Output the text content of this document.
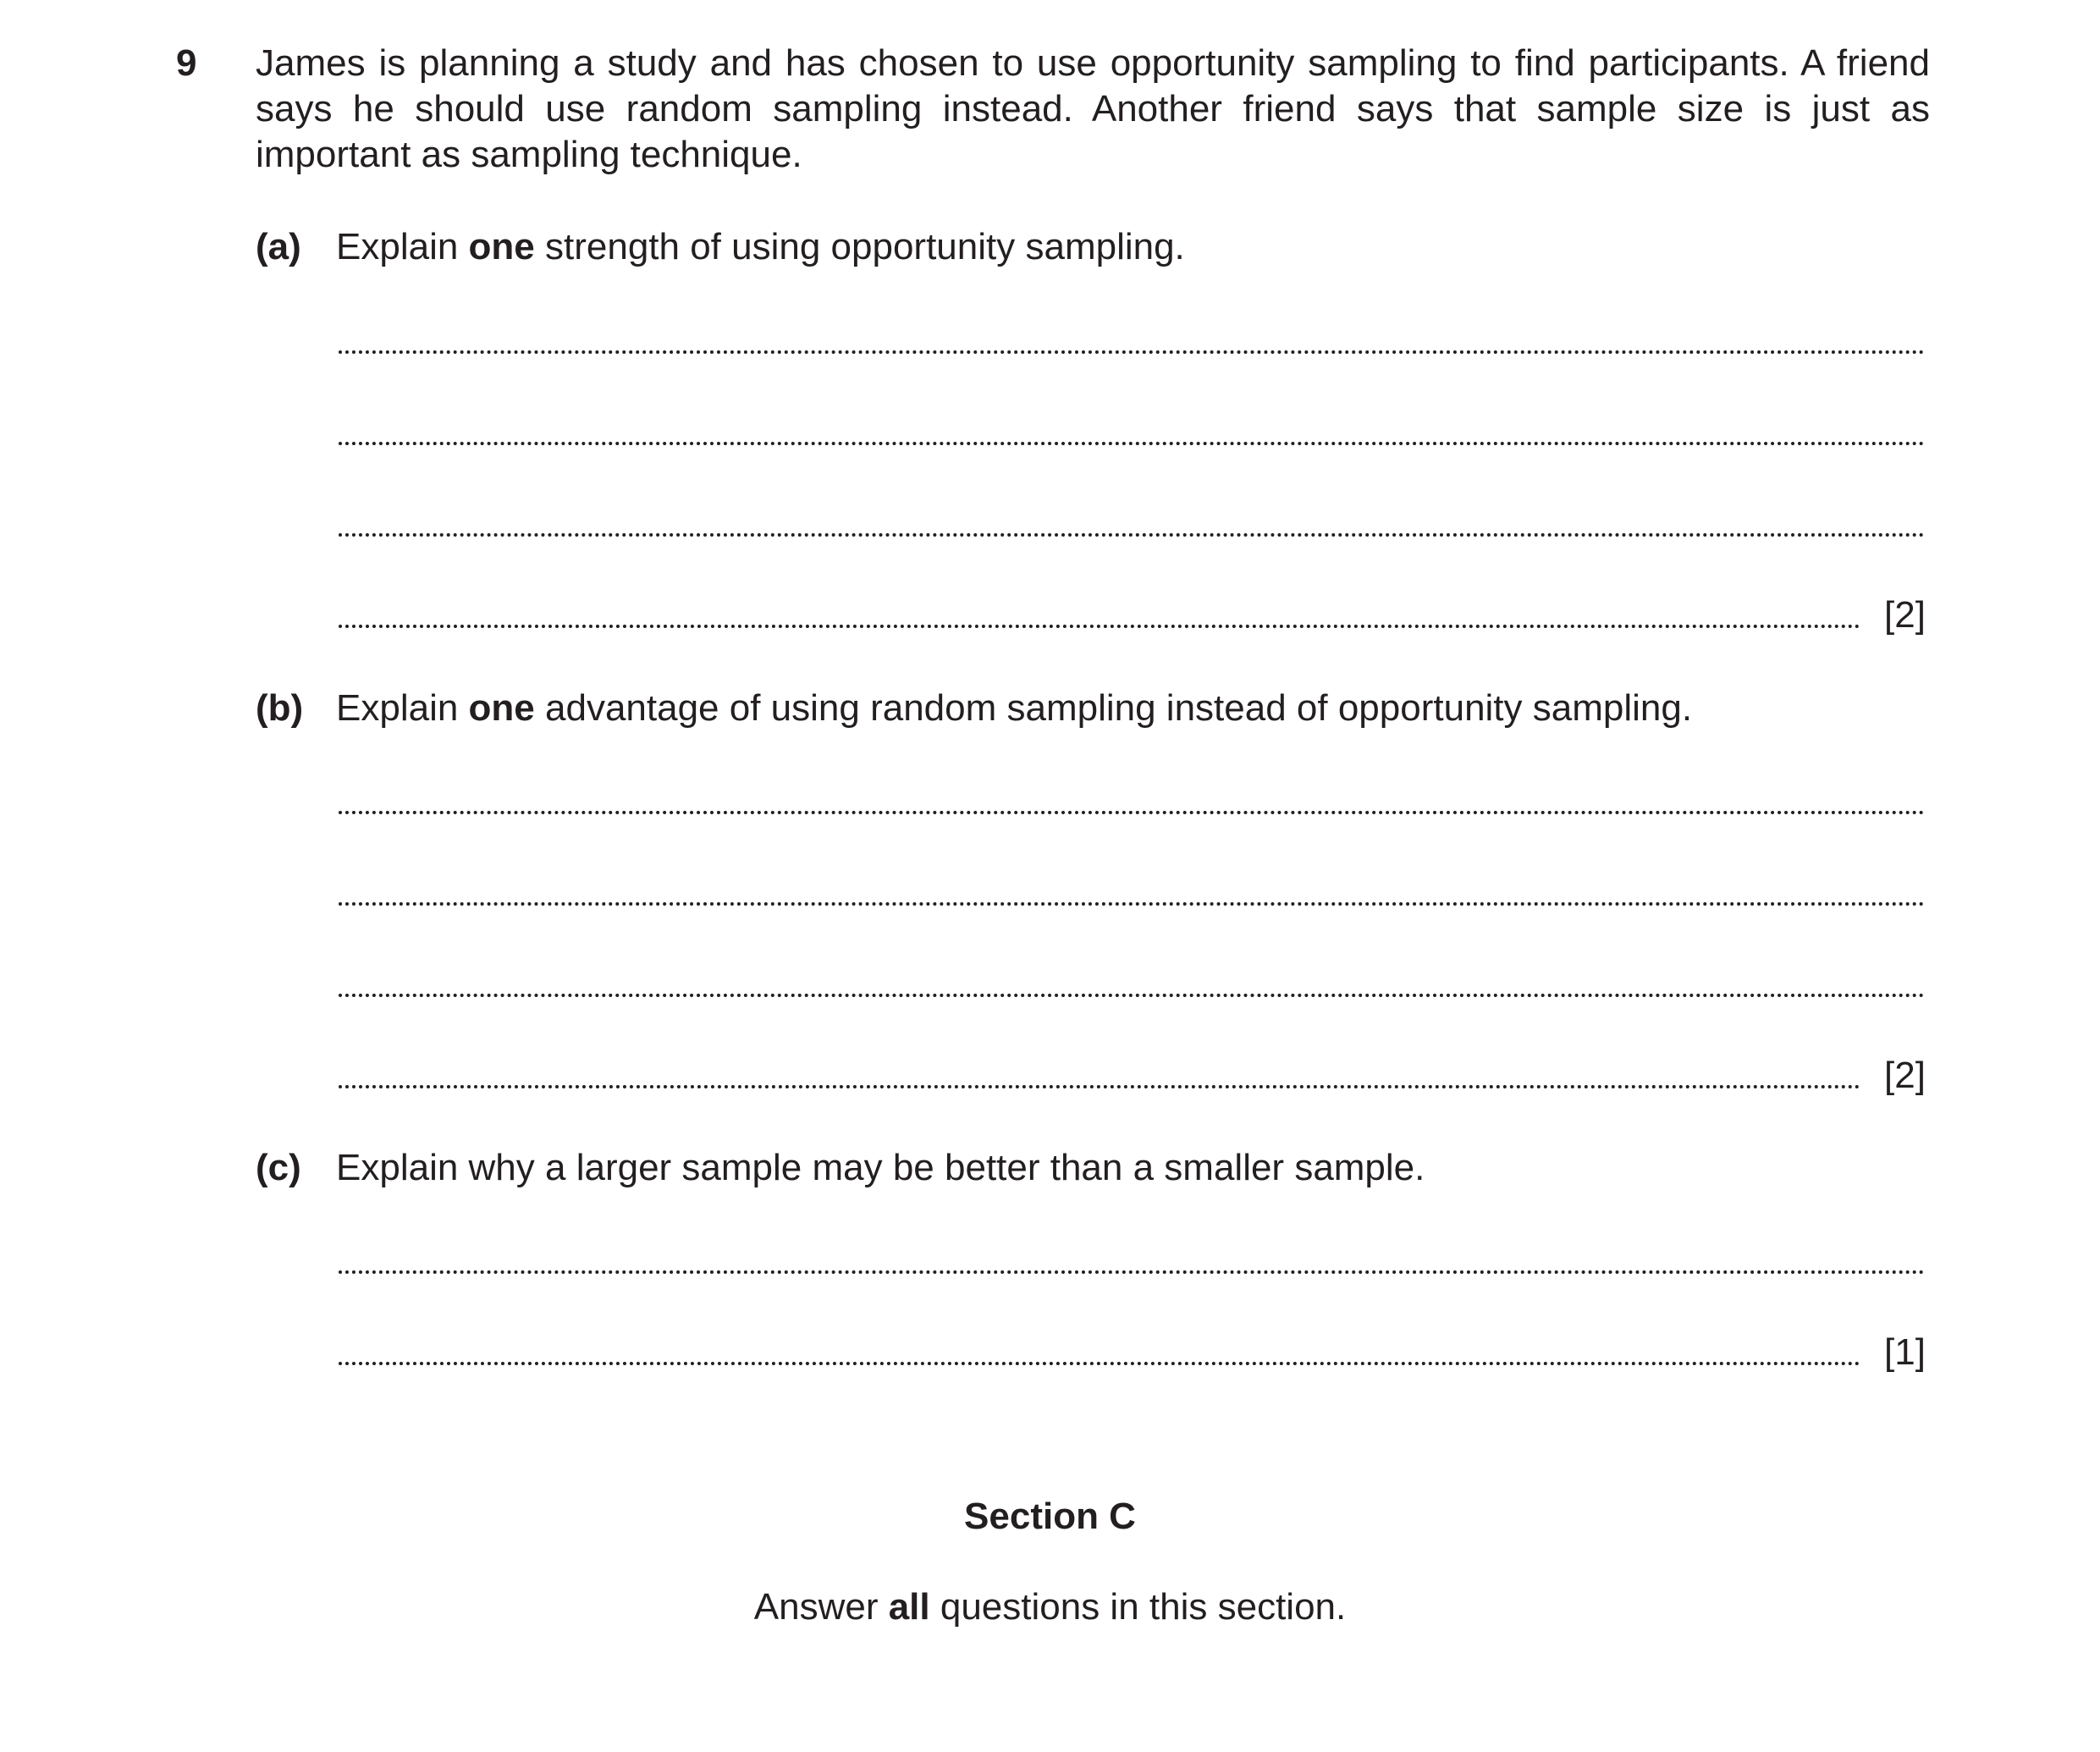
9 James is planning a study and has chosen to use opportunity sampling to find participants. A friend says he should use random sampling instead. Another friend says that sample size is just as important as sampling technique.
(a) Explain one strength of using opportunity sampling.
[2]
(b) Explain one advantage of using random sampling instead of opportunity sampling.
[2]
(c) Explain why a larger sample may be better than a smaller sample.
[1]
Section C
Answer all questions in this section.
